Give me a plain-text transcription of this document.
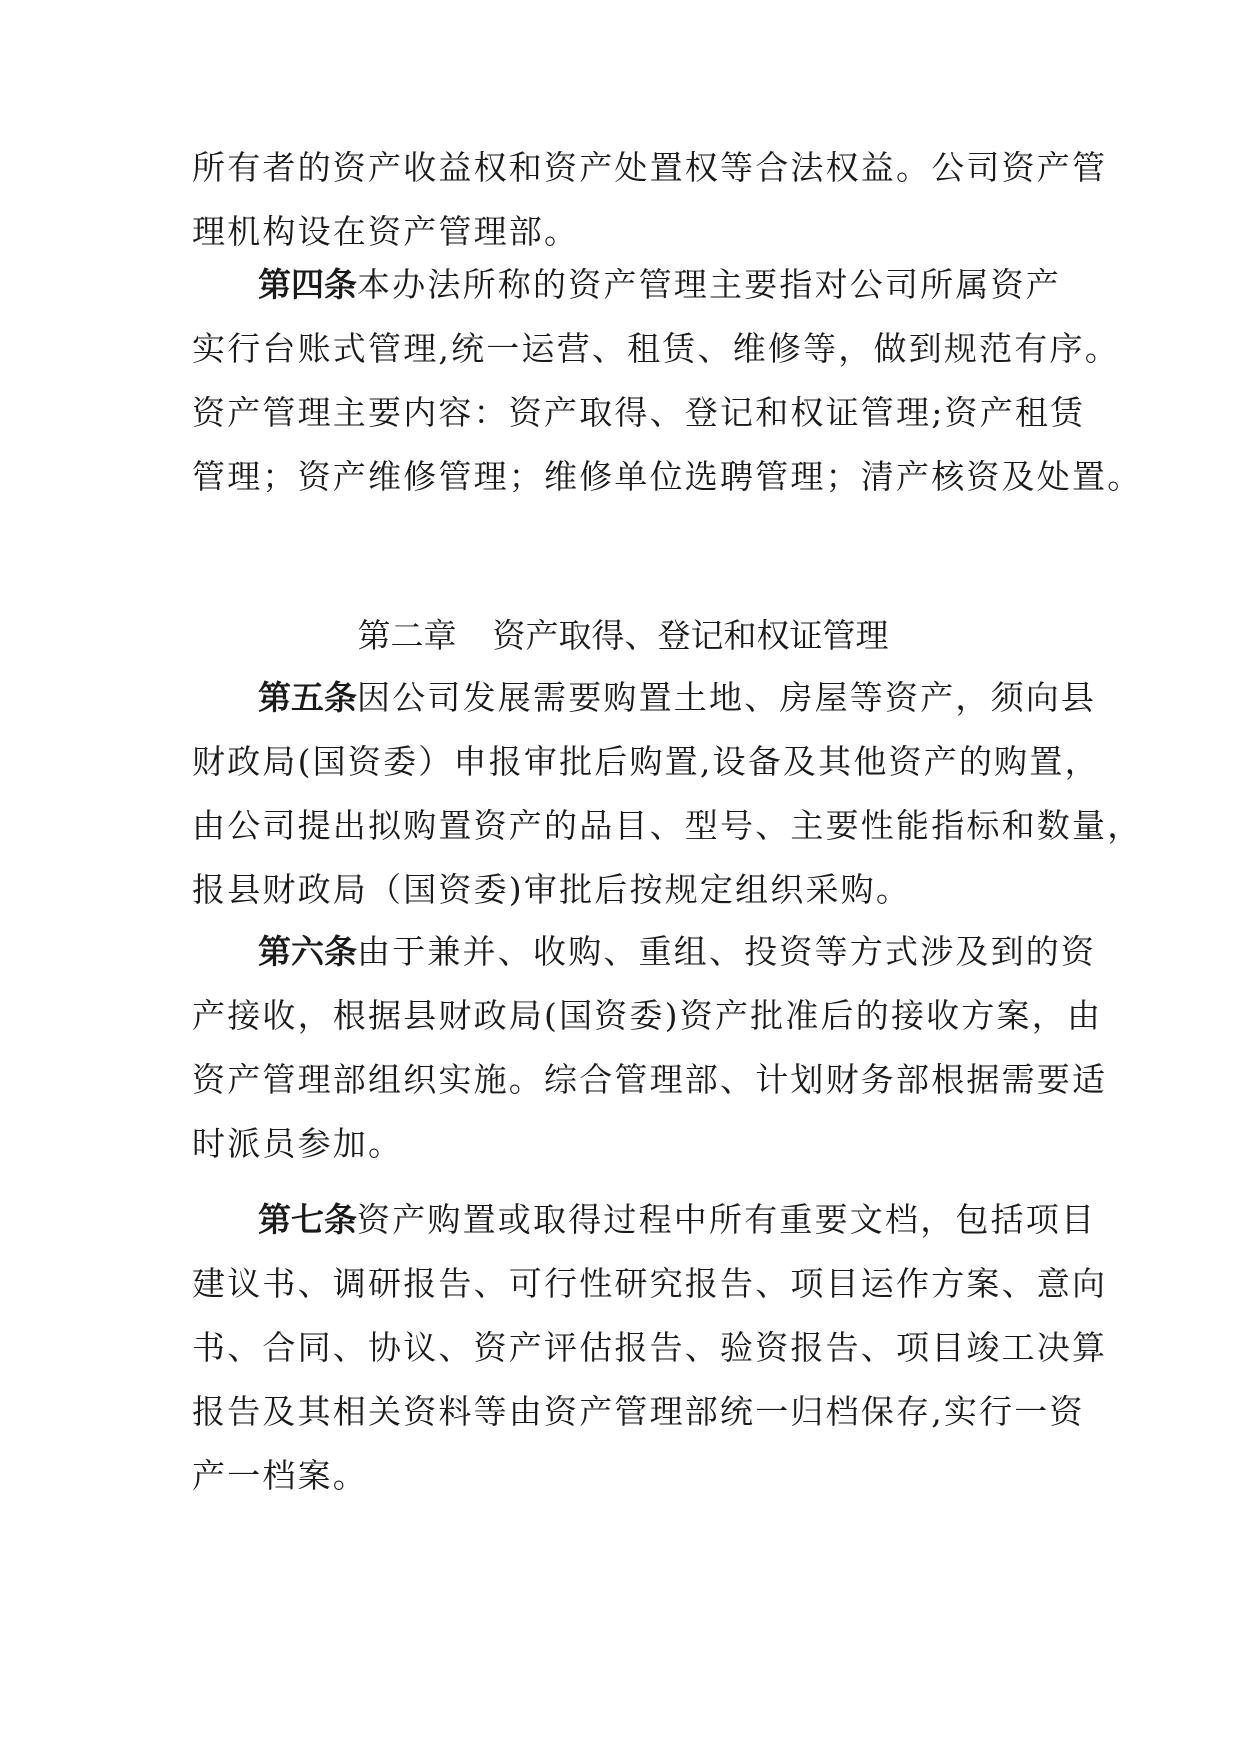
所有者的资产收益权和资产处置权等合法权益。公司资产管
理机构设在资产管理部。
第四条本办法所称的资产管理主要指对公司所属资产
实行台账式管理,统一运营、租赁、维修等，做到规范有序。
资产管理主要内容：资产取得、登记和权证管理;资产租赁
管理；资产维修管理；维修单位选聘管理；清产核资及处置。
第二章 资产取得、登记和权证管理
第五条因公司发展需要购置土地、房屋等资产，须向县
财政局(国资委）申报审批后购置,设备及其他资产的购置，
由公司提出拟购置资产的品目、型号、主要性能指标和数量，
报县财政局（国资委)审批后按规定组织采购。
第六条由于兼并、收购、重组、投资等方式涉及到的资
产接收，根据县财政局(国资委)资产批准后的接收方案，由
资产管理部组织实施。综合管理部、计划财务部根据需要适
时派员参加。
第七条资产购置或取得过程中所有重要文档，包括项目
建议书、调研报告、可行性研究报告、项目运作方案、意向
书、合同、协议、资产评估报告、验资报告、项目竣工决算
报告及其相关资料等由资产管理部统一归档保存,实行一资
产一档案。
